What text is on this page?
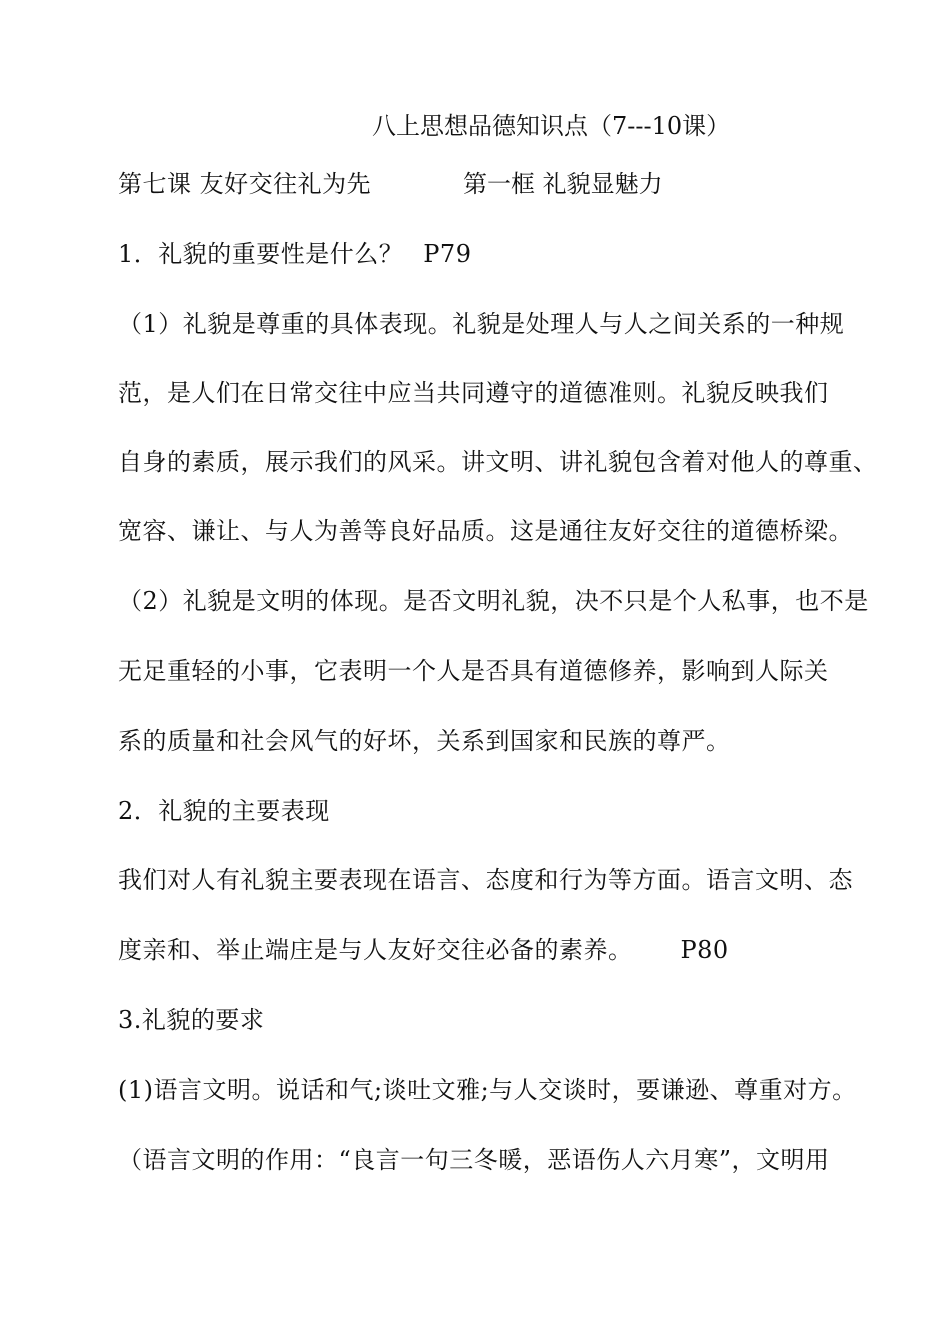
八上思想品德知识点（7---10课）
第七课 友好交往礼为先	第一框 礼貌显魅力
1．礼貌的重要性是什么？ P79
（1）礼貌是尊重的具体表现。礼貌是处理人与人之间关系的一种规
范，是人们在日常交往中应当共同遵守的道德准则。礼貌反映我们
自身的素质，展示我们的风采。讲文明、讲礼貌包含着对他人的尊重、
宽容、谦让、与人为善等良好品质。这是通往友好交往的道德桥梁。
（2）礼貌是文明的体现。是否文明礼貌，决不只是个人私事，也不是
无足重轻的小事，它表明一个人是否具有道德修养，影响到人际关
系的质量和社会风气的好坏，关系到国家和民族的尊严。
2．礼貌的主要表现
我们对人有礼貌主要表现在语言、态度和行为等方面。语言文明、态
度亲和、举止端庄是与人友好交往必备的素养。 P80
3.礼貌的要求
(1)语言文明。说话和气;谈吐文雅;与人交谈时，要谦逊、尊重对方。
（语言文明的作用：“良言一句三冬暖，恶语伤人六月寒”，文明用
